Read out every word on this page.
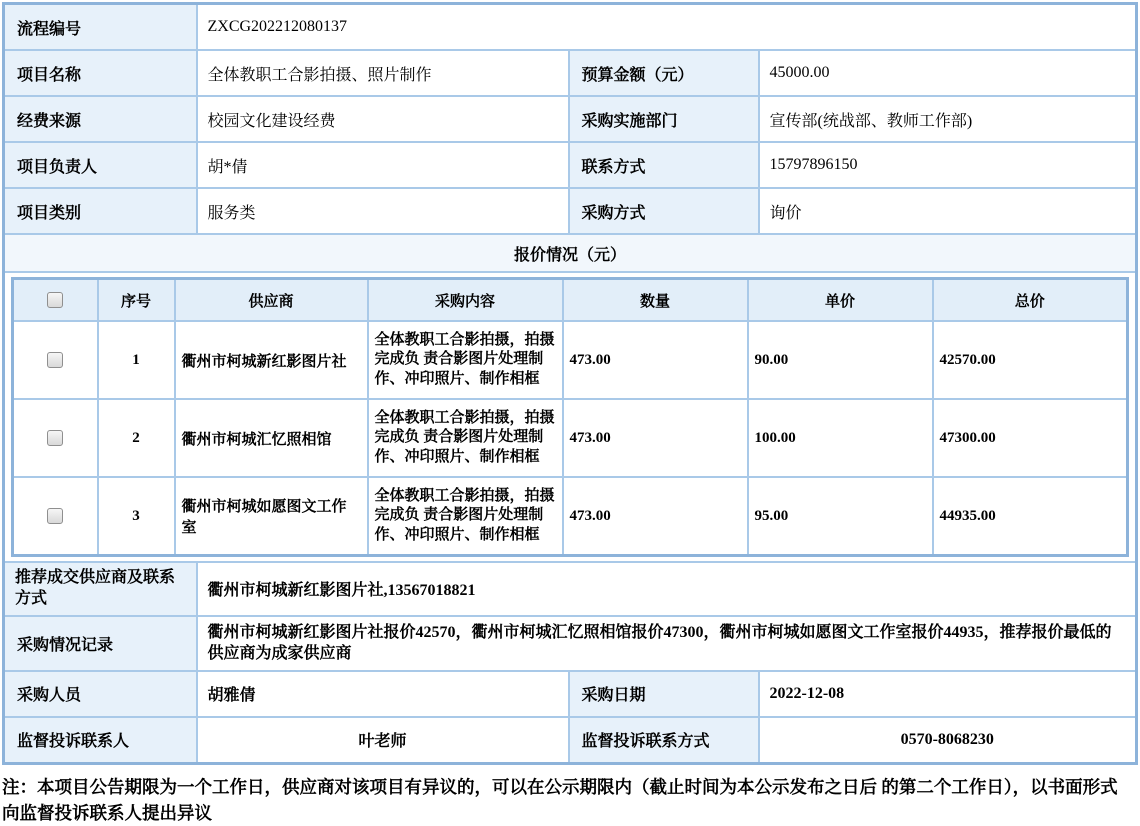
流程编号	ZXCG202212080137
项目名称	全体教职工合影拍摄、照片制作	预算金额（元）	45000.00
经费来源	校园文化建设经费	采购实施部门	宣传部(统战部、教师工作部)
项目负责人	胡*倩	联系方式	15797896150
项目类别	服务类	采购方式	询价
报价情况（元）

	序号	供应商	采购内容	数量	单价	总价
	1	衢州市柯城新红影图片社	全体教职工合影拍摄，拍摄完成负 责合影图片处理制作、冲印照片、制作相框	473.00	90.00	42570.00
	2	衢州市柯城汇忆照相馆	全体教职工合影拍摄，拍摄完成负 责合影图片处理制作、冲印照片、制作相框	473.00	100.00	47300.00
	3	衢州市柯城如愿图文工作室	全体教职工合影拍摄，拍摄完成负 责合影图片处理制作、冲印照片、制作相框	473.00	95.00	44935.00

推荐成交供应商及联系方式	衢州市柯城新红影图片社,13567018821
采购情况记录	衢州市柯城新红影图片社报价42570，衢州市柯城汇忆照相馆报价47300，衢州市柯城如愿图文工作室报价44935，推荐报价最低的供应商为成家供应商
采购人员	胡雅倩	采购日期	2022-12-08
监督投诉联系人	叶老师	监督投诉联系方式	0570-8068230

注：本项目公告期限为一个工作日，供应商对该项目有异议的，可以在公示期限内（截止时间为本公示发布之日后 的第二个工作日），以书面形式向监督投诉联系人提出异议
